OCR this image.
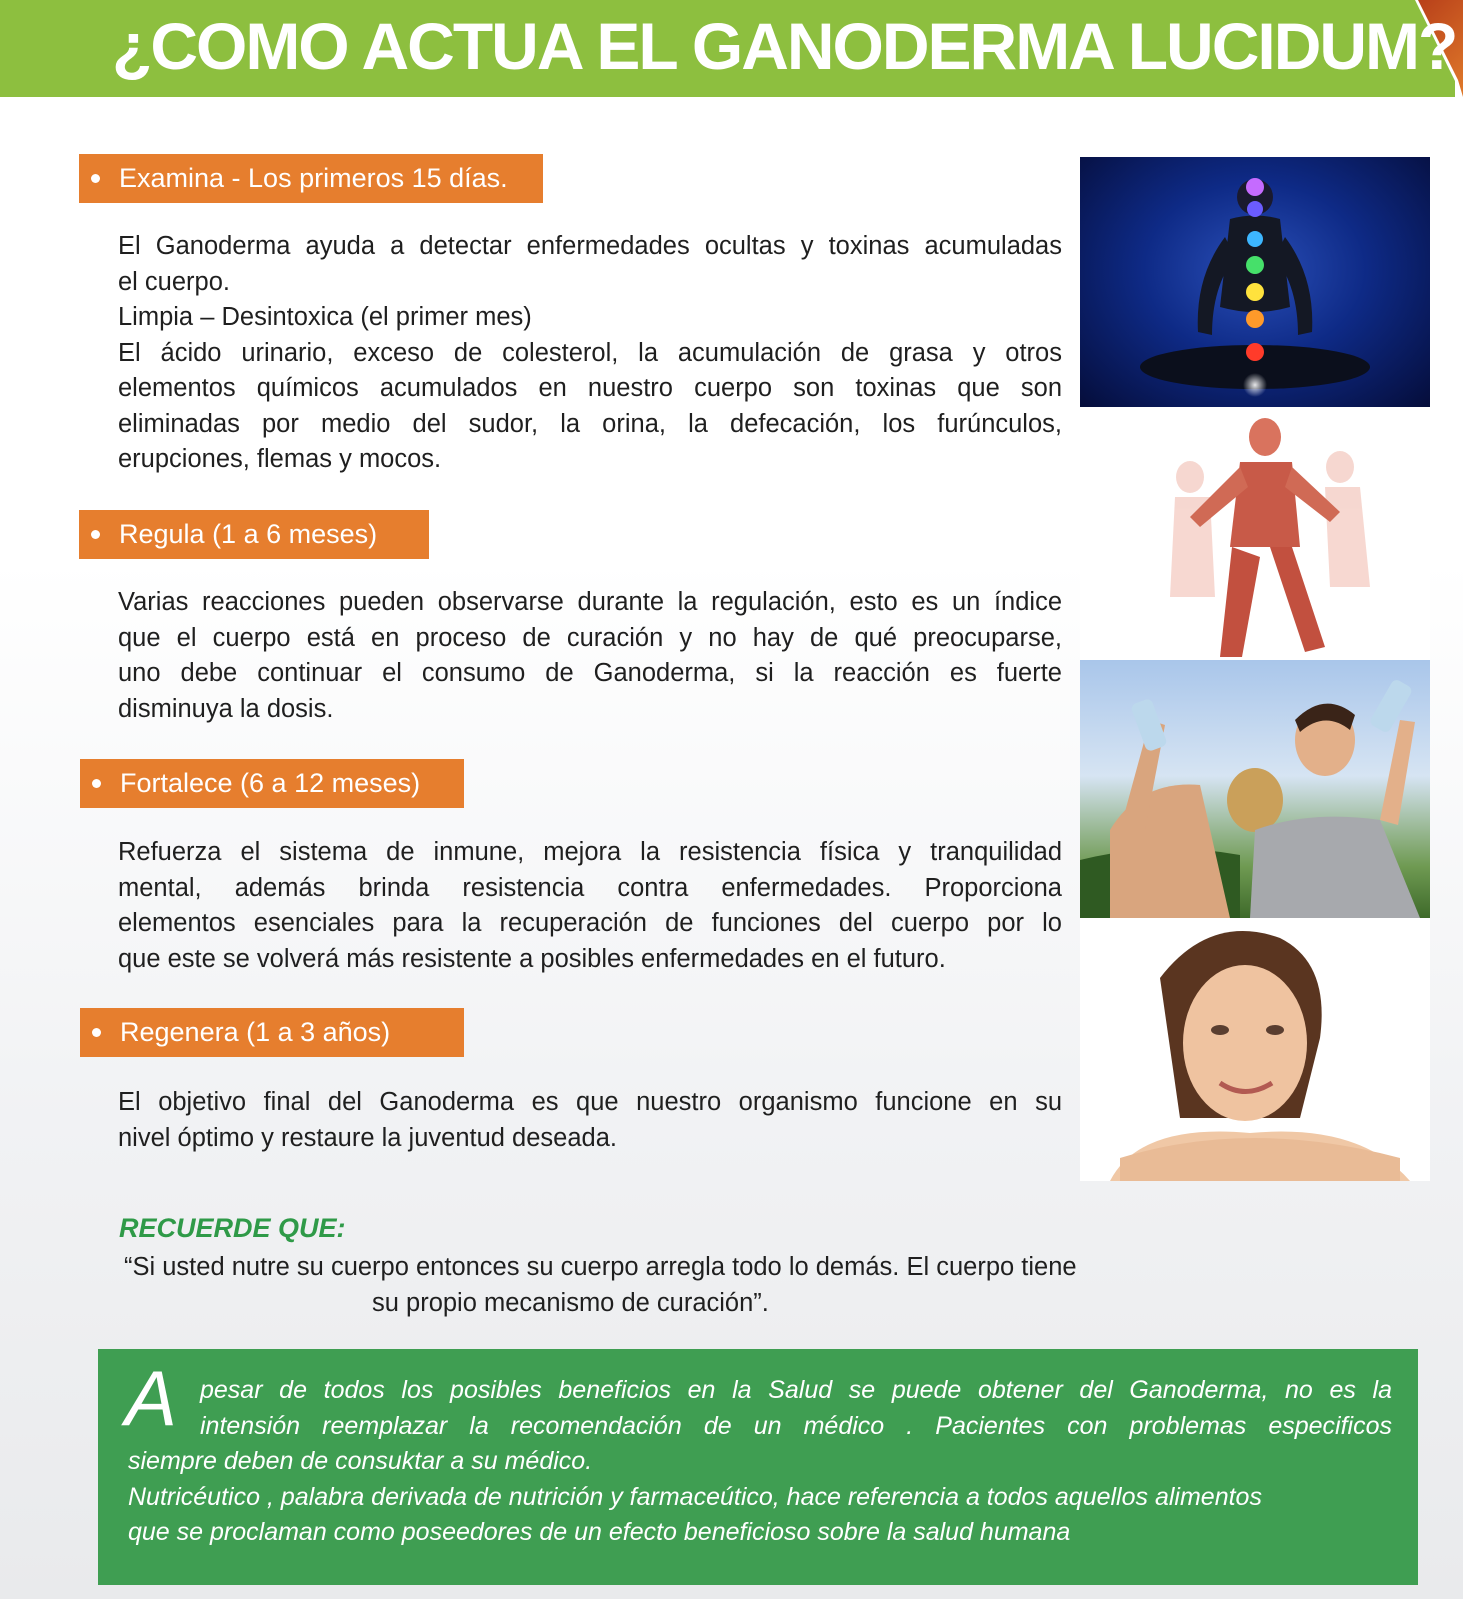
¿COMO ACTUA EL GANODERMA LUCIDUM?
Examina - Los primeros 15 días.
El Ganoderma ayuda a detectar enfermedades ocultas y toxinas acumuladas
el cuerpo.
Limpia – Desintoxica (el primer mes)
El ácido urinario, exceso de colesterol, la acumulación de grasa y otros
elementos químicos acumulados en nuestro cuerpo son toxinas que son
eliminadas por medio del sudor, la orina, la defecación, los furúnculos,
erupciones, flemas y mocos.
Regula (1 a 6 meses)
Varias reacciones pueden observarse durante la regulación, esto es un índice
que el cuerpo está en proceso de curación y no hay de qué preocuparse,
uno debe continuar el consumo de Ganoderma, si la reacción es fuerte
disminuya la dosis.
Fortalece (6 a 12 meses)
Refuerza el sistema de inmune, mejora la resistencia física y tranquilidad
mental, además brinda resistencia contra enfermedades. Proporciona
elementos esenciales para la recuperación de funciones del cuerpo por lo
que este se volverá más resistente a posibles enfermedades en el futuro.
Regenera (1 a 3 años)
El objetivo final del Ganoderma es que nuestro organismo funcione en su
nivel óptimo y restaure la juventud deseada.
RECUERDE QUE:

“Si usted nutre su cuerpo entonces su cuerpo arregla todo lo demás. El cuerpo tiene
su propio mecanismo de curación”.

A pesar de todos los posibles beneficios en la Salud se puede obtener del Ganoderma, no es la
intensión reemplazar la recomendación de un médico . Pacientes con problemas especificos
siempre deben de consuktar a su médico.
Nutricéutico , palabra derivada de nutrición y farmaceútico, hace referencia a todos aquellos alimentos
que se proclaman como poseedores de un efecto beneficioso sobre la salud humana
